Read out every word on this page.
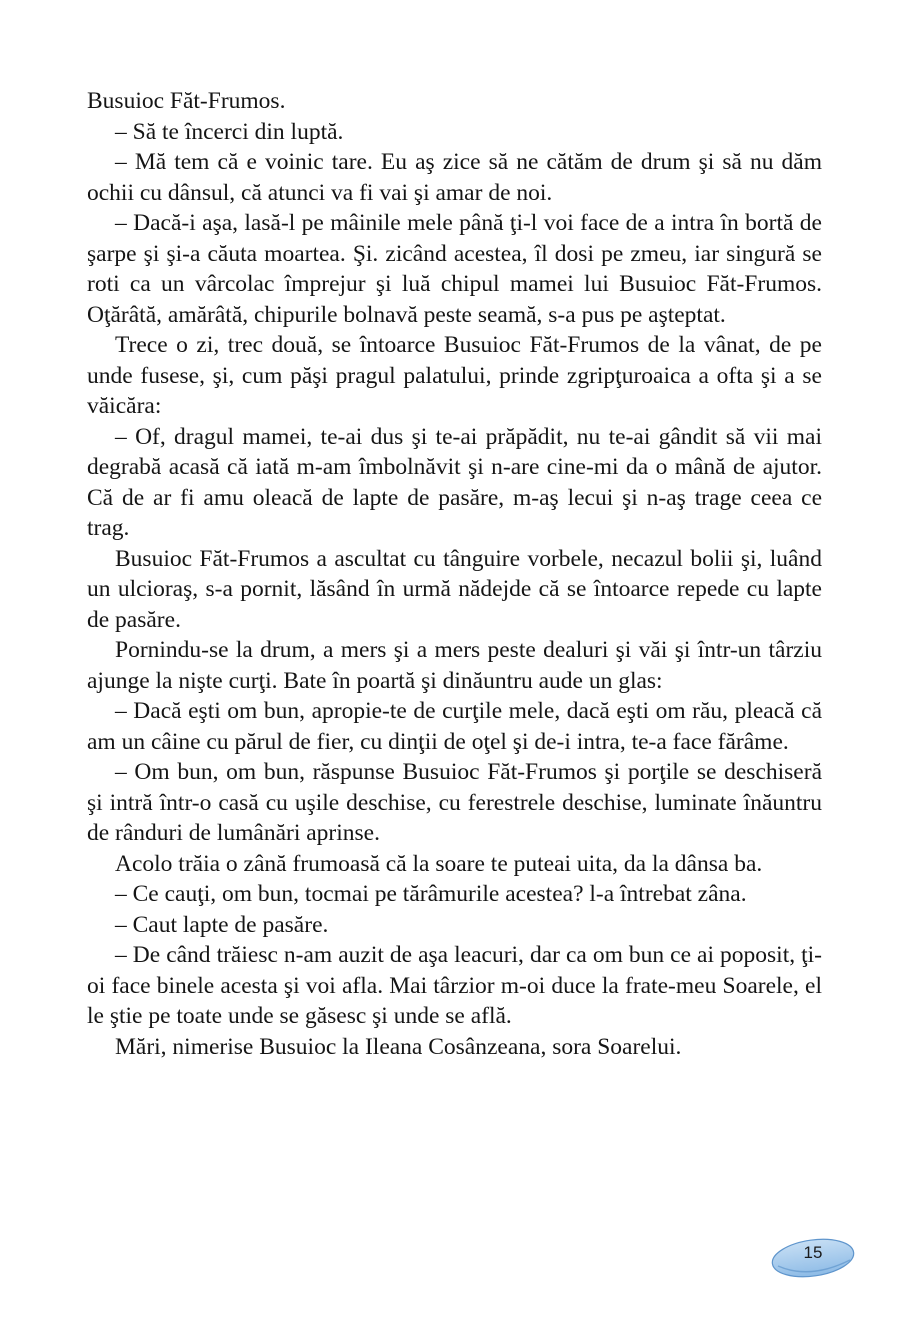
Busuioc Făt-Frumos.

– Să te încerci din luptă.

– Mă tem că e voinic tare. Eu aş zice să ne cătăm de drum şi să nu dăm ochii cu dânsul, că atunci va fi vai şi amar de noi.

– Dacă-i aşa, lasă-l pe mâinile mele până ţi-l voi face de a intra în bortă de şarpe şi şi-a căuta moartea. Şi. zicând acestea, îl dosi pe zmeu, iar singură se roti ca un vârcolac împrejur şi luă chipul mamei lui Busuioc Făt-Frumos. Oţărâtă, amărâtă, chipurile bolnavă peste seamă, s-a pus pe aşteptat.

Trece o zi, trec două, se întoarce Busuioc Făt-Frumos de la vânat, de pe unde fusese, şi, cum păşi pragul palatului, prinde zgripţuroaica a ofta şi a se văicăra:

– Of, dragul mamei, te-ai dus şi te-ai prăpădit, nu te-ai gândit să vii mai degrabă acasă că iată m-am îmbolnăvit şi n-are cine-mi da o mână de ajutor. Că de ar fi amu oleacă de lapte de pasăre, m-aş lecui şi n-aş trage ceea ce trag.

Busuioc Făt-Frumos a ascultat cu tânguire vorbele, necazul bolii şi, luând un ulcioraş, s-a pornit, lăsând în urmă nădejde că se întoarce repede cu lapte de pasăre.

Pornindu-se la drum, a mers şi a mers peste dealuri şi văi şi într-un târziu ajunge la nişte curţi. Bate în poartă şi dinăuntru aude un glas:

– Dacă eşti om bun, apropie-te de curţile mele, dacă eşti om rău, pleacă că am un câine cu părul de fier, cu dinţii de oţel şi de-i intra, te-a face fărâme.

– Om bun, om bun, răspunse Busuioc Făt-Frumos şi porţile se deschiseră şi intră într-o casă cu uşile deschise, cu ferestrele deschise, luminate înăuntru de rânduri de lumânări aprinse.

Acolo trăia o zână frumoasă că la soare te puteai uita, da la dânsa ba.

– Ce cauţi, om bun, tocmai pe tărâmurile acestea? l-a întrebat zâna.

– Caut lapte de pasăre.

– De când trăiesc n-am auzit de aşa leacuri, dar ca om bun ce ai poposit, ţi-oi face binele acesta şi voi afla. Mai târzior m-oi duce la frate-meu Soarele, el le ştie pe toate unde se găsesc şi unde se află.

Mări, nimerise Busuioc la Ileana Cosânzeana, sora Soarelui.

15
